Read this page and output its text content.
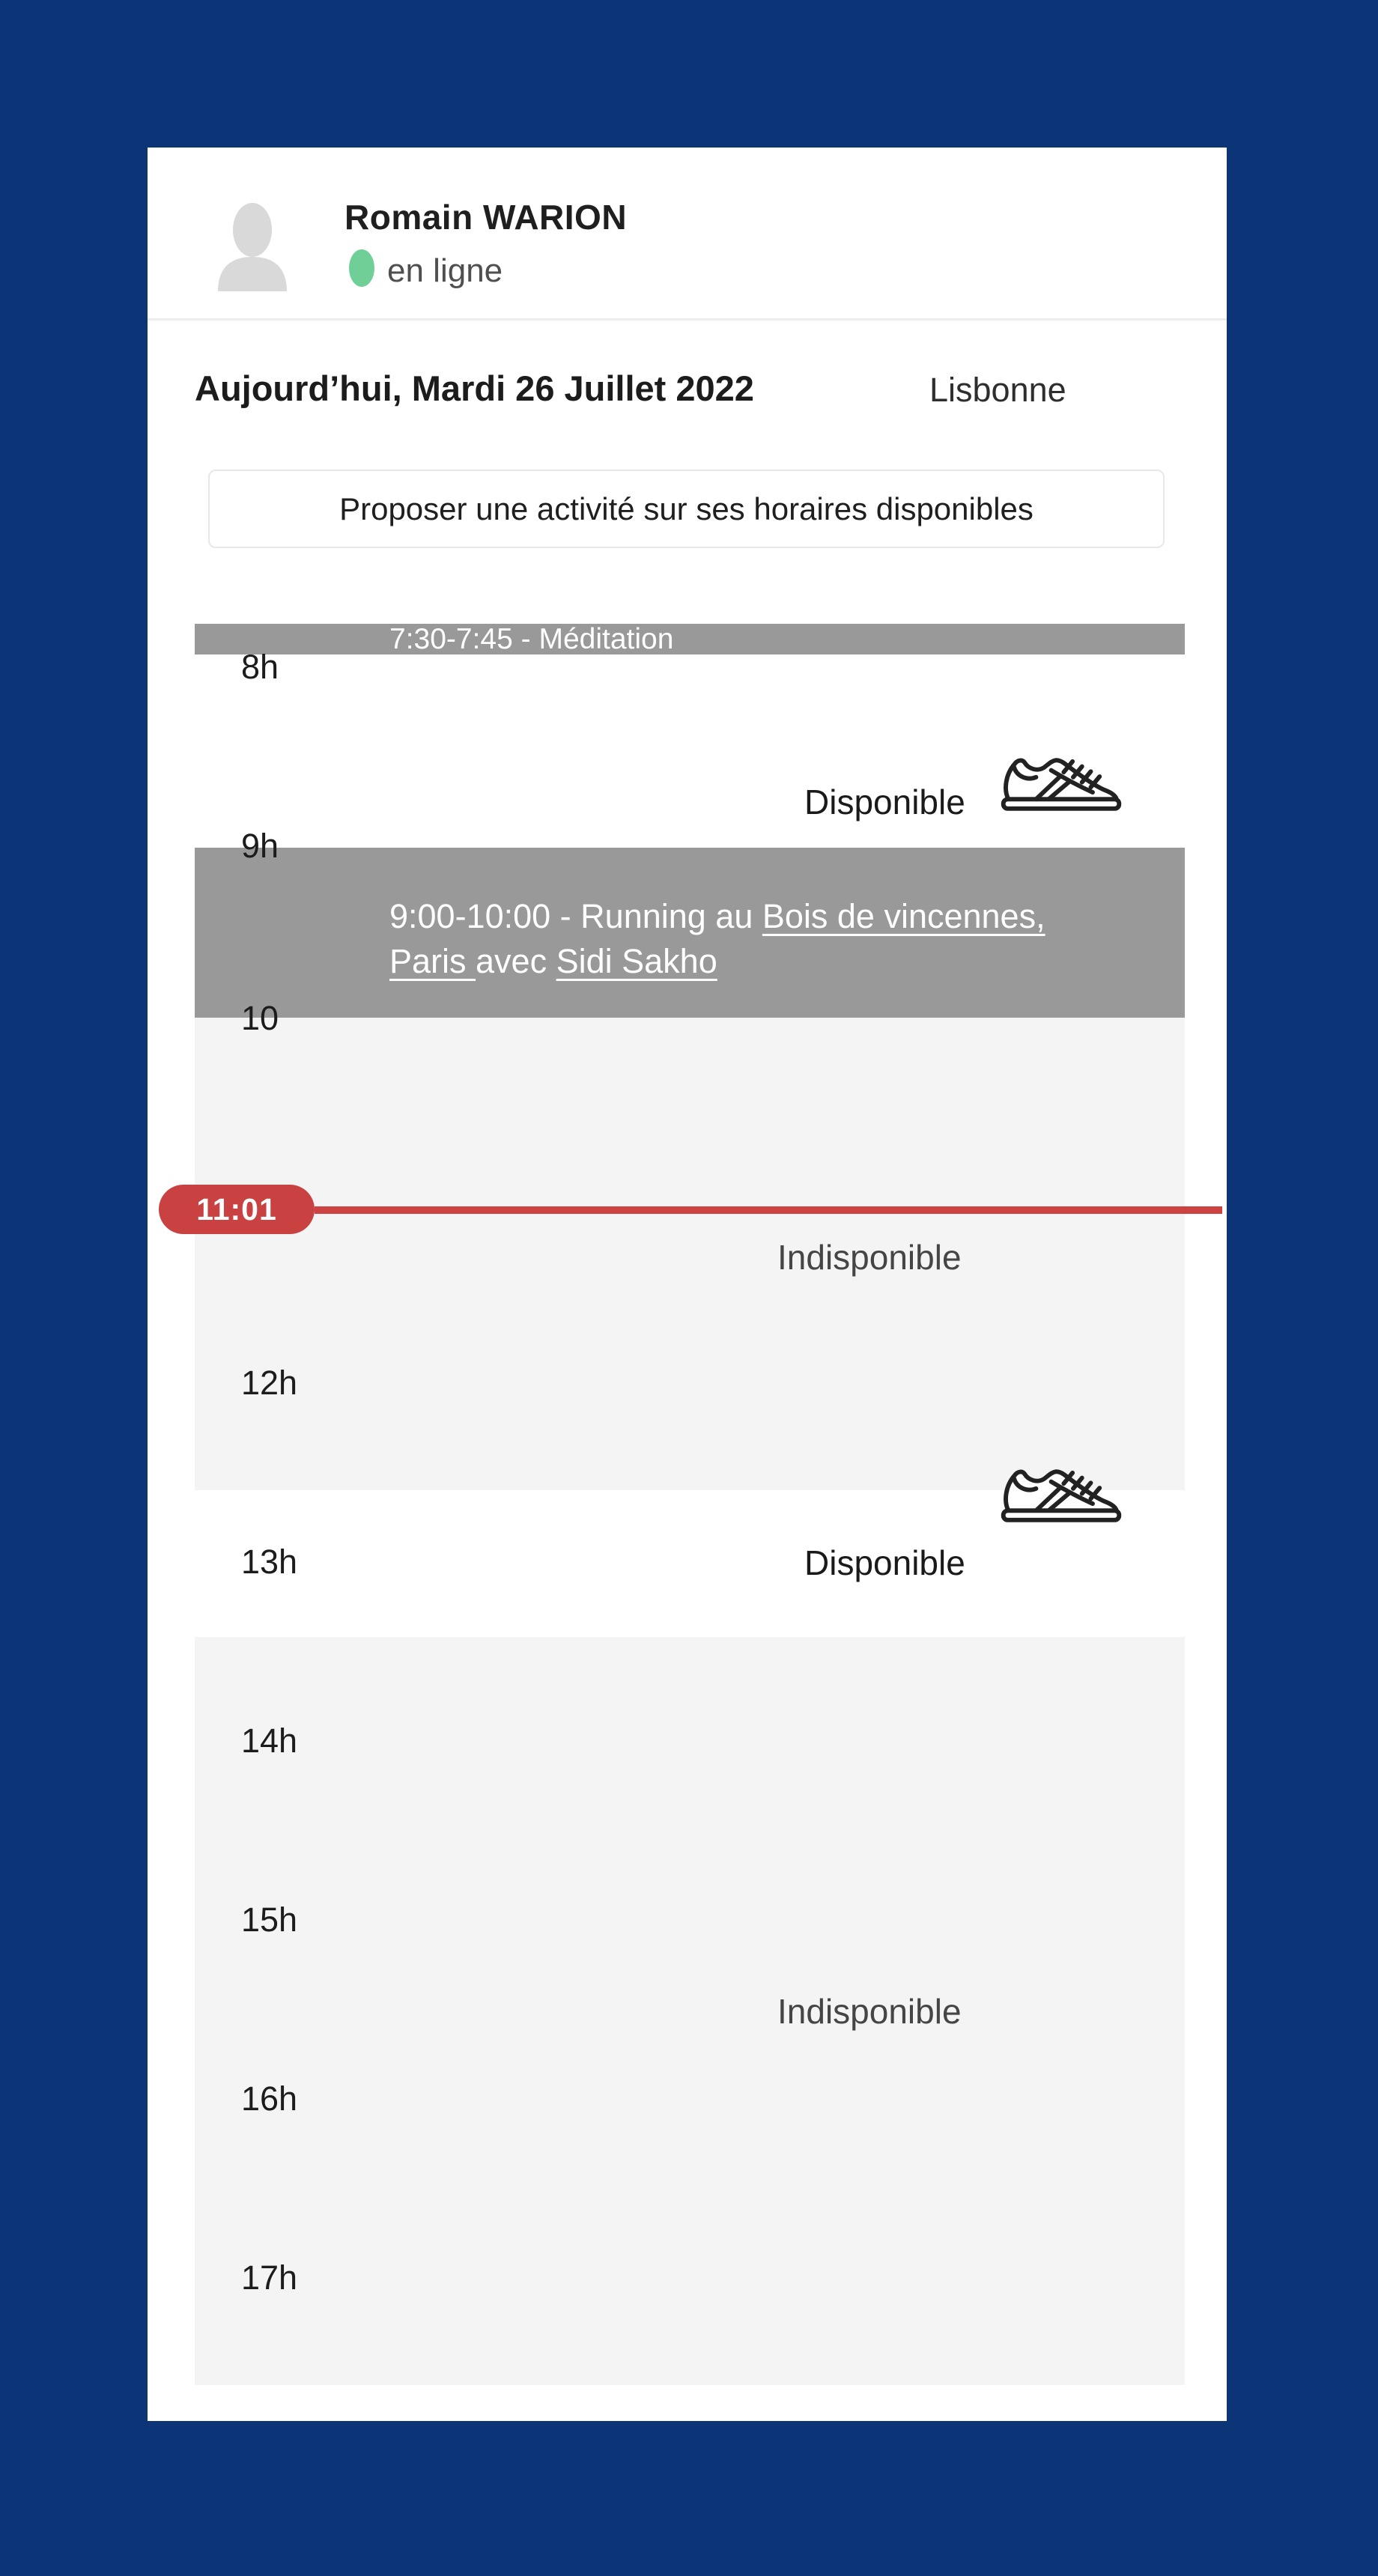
Romain WARION
en ligne
Aujourd’hui, Mardi 26 Juillet 2022	Lisbonne
Proposer une activité sur ses horaires disponibles
7:30-7:45 - Méditation
8h
9h
10
12h
13h
14h
15h
16h
17h
Disponible
9:00-10:00 - Running au Bois de vincennes,
Paris avec Sidi Sakho
Indisponible
11:01
Disponible
Indisponible
